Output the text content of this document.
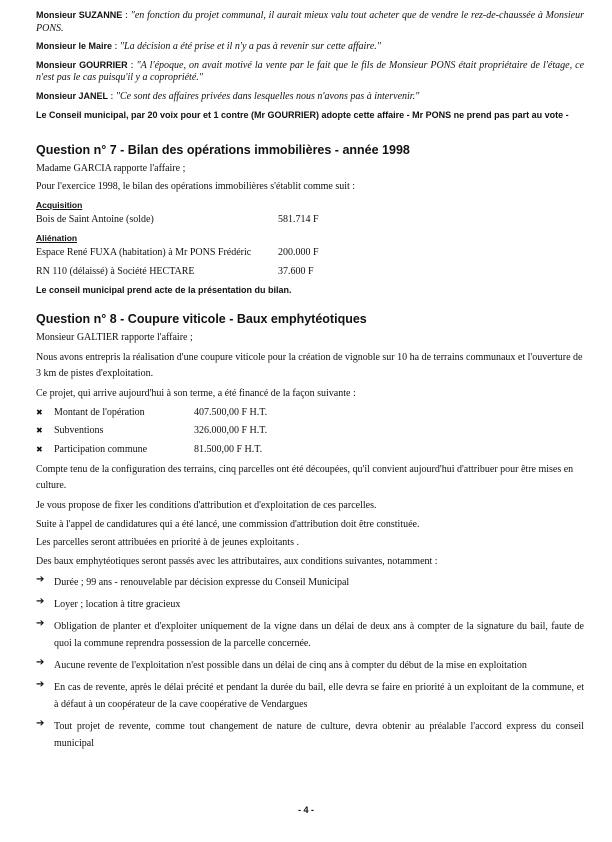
Monsieur SUZANNE : "en fonction du projet communal, il aurait mieux valu tout acheter que de vendre le rez-de-chaussée à Monsieur PONS.

Monsieur le Maire : "La décision a été prise et il n'y a pas à revenir sur cette affaire."

Monsieur GOURRIER : "A l'époque, on avait motivé la vente par le fait que le fils de Monsieur PONS était propriétaire de l'étage, ce n'est pas le cas puisqu'il y a copropriété."

Monsieur JANEL : "Ce sont des affaires privées dans lesquelles nous n'avons pas à intervenir."

Le Conseil municipal, par 20 voix pour et 1 contre (Mr GOURRIER) adopte cette affaire - Mr PONS ne prend pas part au vote -

Question n° 7 - Bilan des opérations immobilières - année 1998

Madame GARCIA rapporte l'affaire ;

Pour l'exercice 1998, le bilan des opérations immobilières s'établit comme suit :

Acquisition
Bois de Saint Antoine (solde)	581.714 F
Aliénation
Espace René FUXA (habitation) à Mr PONS Frédéric	200.000 F
RN 110 (délaissé) à Société HECTARE	37.600 F

Le conseil municipal prend acte de la présentation du bilan.

Question n° 8 - Coupure viticole - Baux emphytéotiques

Monsieur GALTIER rapporte l'affaire ;

Nous avons entrepris la réalisation d'une coupure viticole pour la création de vignoble sur 10 ha de terrains communaux et l'ouverture de 3 km de pistes d'exploitation.

Ce projet, qui arrive aujourd'hui à son terme, a été financé de la façon suivante :

✖	Montant de l'opération	407.500,00 F H.T.
✖	Subventions	326.000,00 F H.T.
✖	Participation commune	81.500,00 F H.T.

Compte tenu de la configuration des terrains, cinq parcelles ont été découpées, qu'il convient aujourd'hui d'attribuer pour être mises en culture.

Je vous propose de fixer les conditions d'attribution et d'exploitation de ces parcelles.

Suite à l'appel de candidatures qui a été lancé, une commission d'attribution doit être constituée.

Les parcelles seront attribuées en priorité à de jeunes exploitants .

Des baux emphytéotiques seront passés avec les attributaires, aux conditions suivantes, notamment :

➔ Durée ; 99 ans - renouvelable par décision expresse du Conseil Municipal
➔ Loyer ; location à titre gracieux
➔ Obligation de planter et d'exploiter uniquement de la vigne dans un délai de deux ans à compter de la signature du bail, faute de quoi la commune reprendra possession de la parcelle concernée.
➔ Aucune revente de l'exploitation n'est possible dans un délai de cinq ans à compter du début de la mise en exploitation
➔ En cas de revente, après le délai précité et pendant la durée du bail, elle devra se faire en priorité à un exploitant de la commune, et à défaut à un coopérateur de la cave coopérative de Vendargues
➔ Tout projet de revente, comme tout changement de nature de culture, devra obtenir au préalable l'accord express du conseil municipal
- 4 -
